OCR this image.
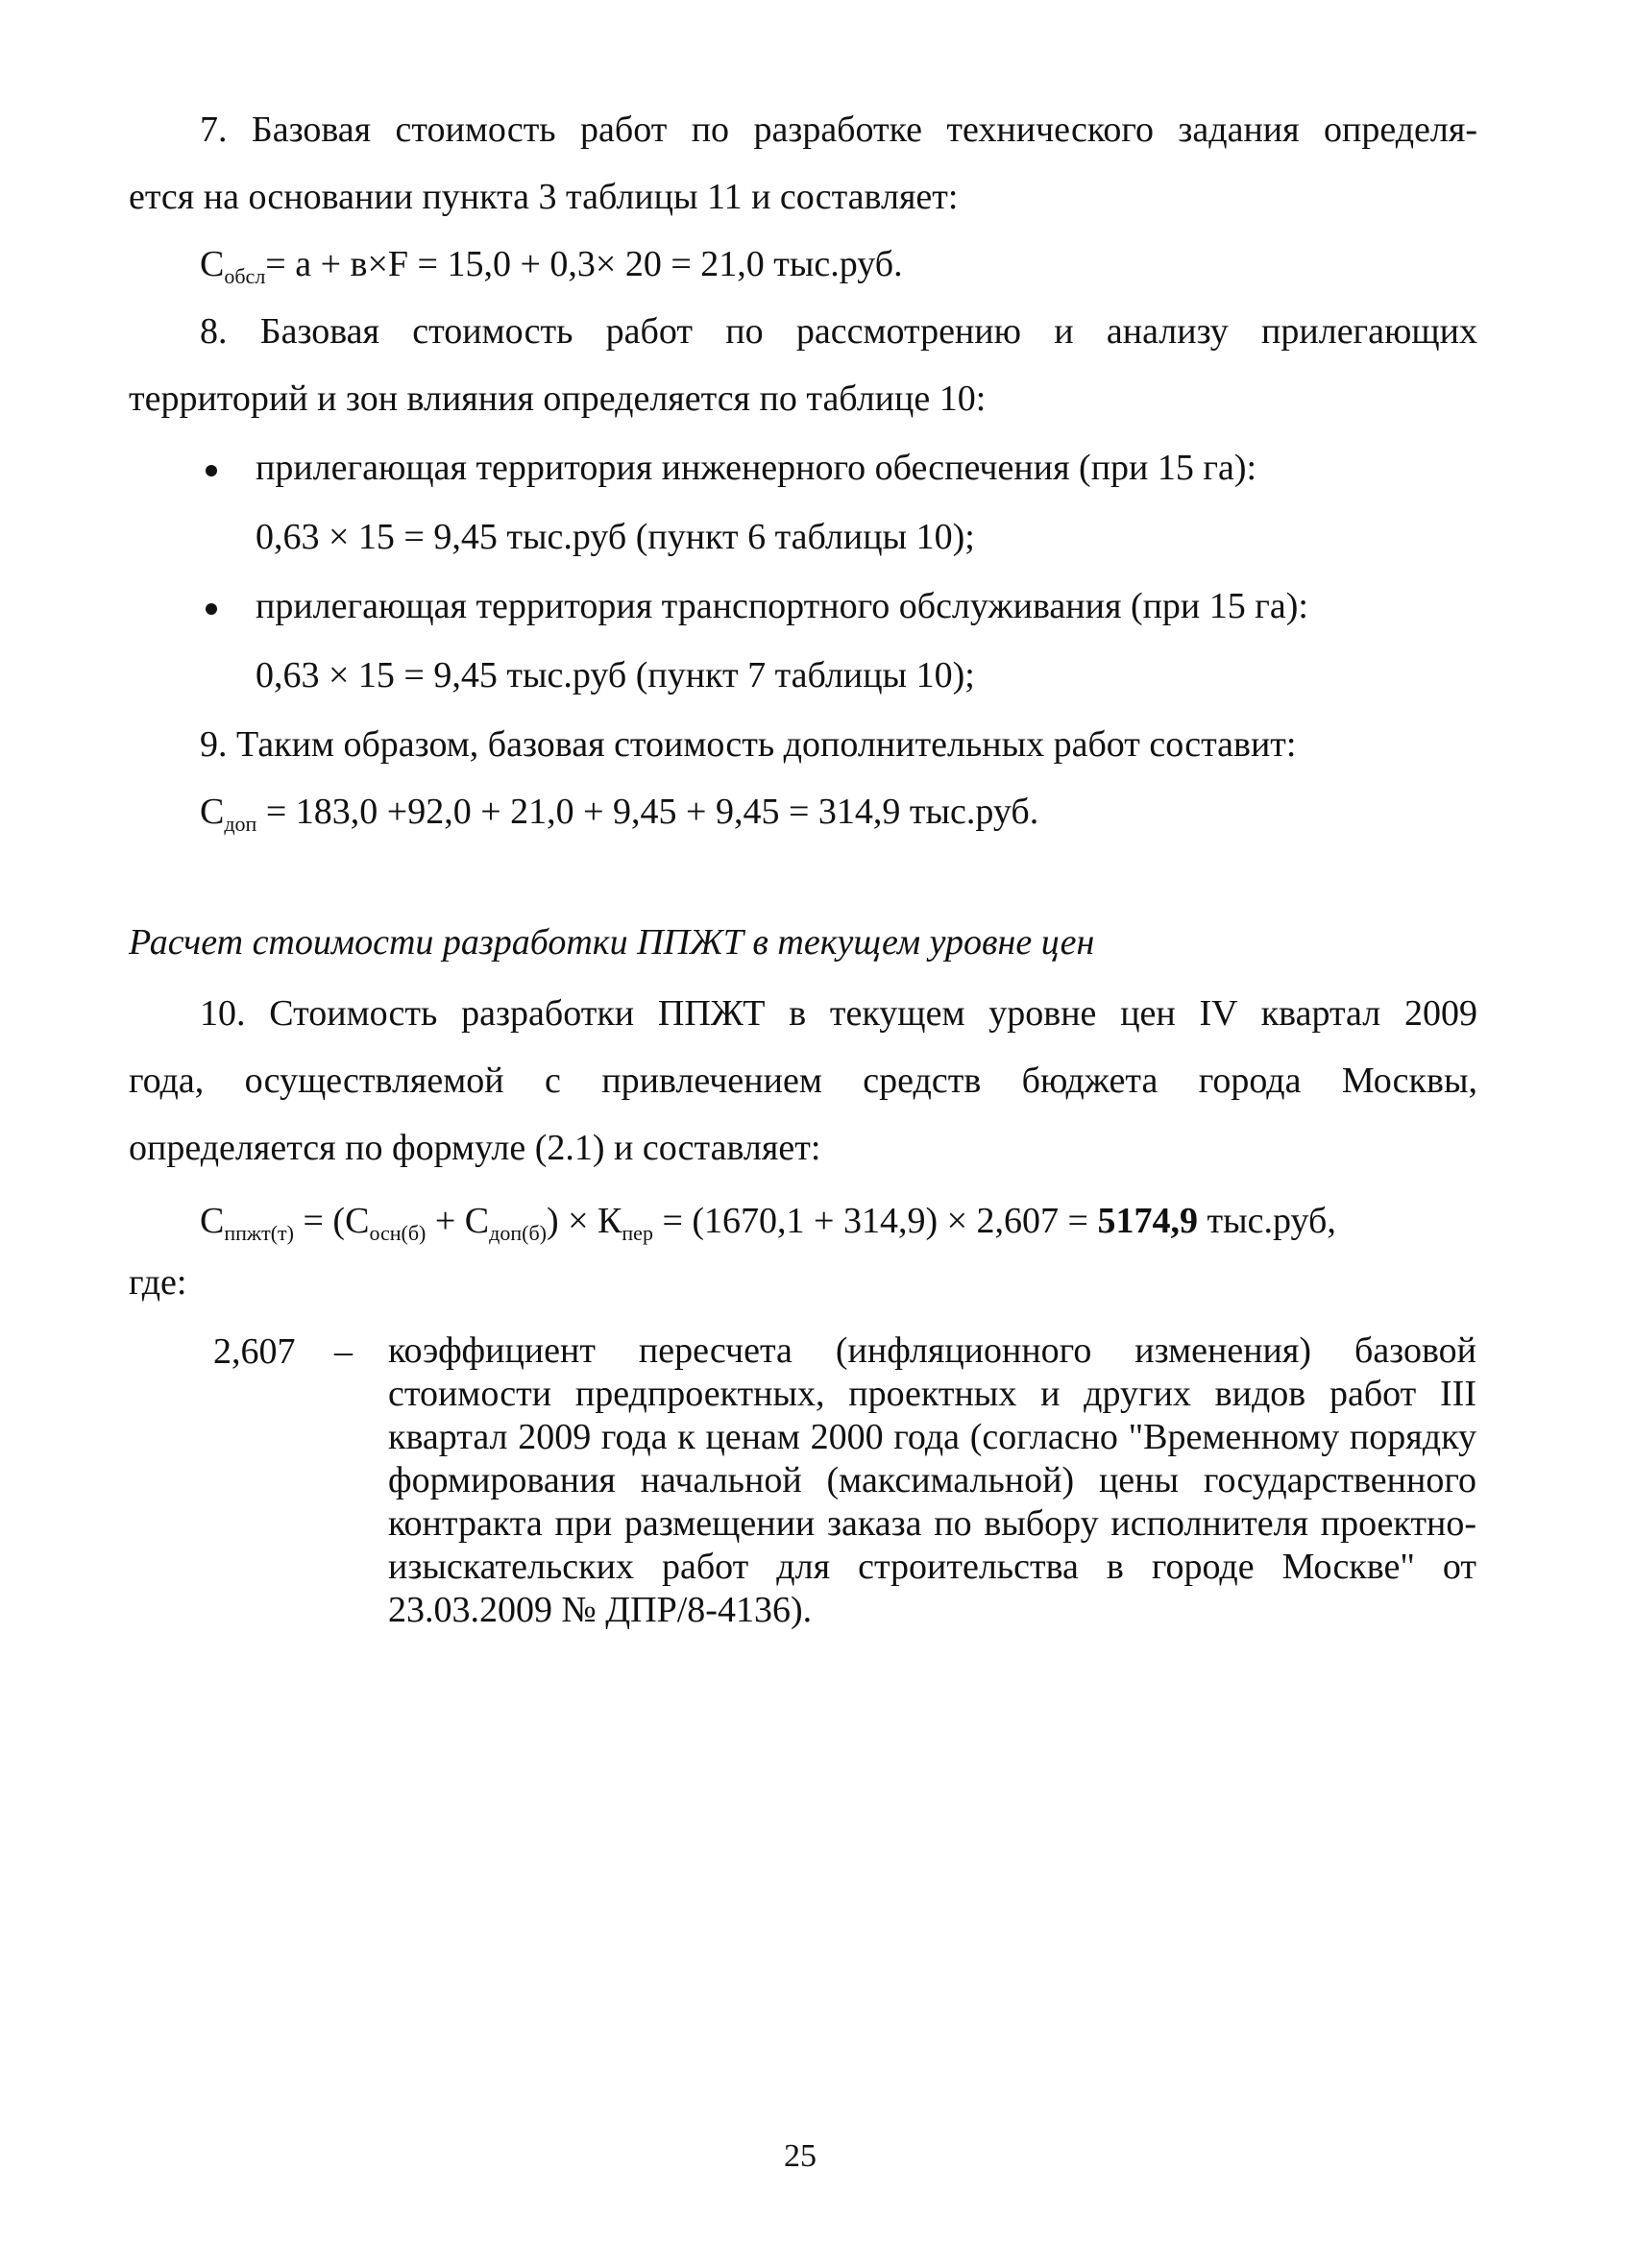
7. Базовая стоимость работ по разработке технического задания определя-
ется на основании пункта 3 таблицы 11 и составляет:
$С_{обсл}= а + в\times F = 15,0 + 0,3\times 20 = 21,0$ тыс.руб.
8. Базовая стоимость работ по рассмотрению и анализу прилегающих
территорий и зон влияния определяется по таблице 10:
прилегающая территория инженерного обеспечения (при 15 га):
0,63 × 15 = 9,45 тыс.руб (пункт 6 таблицы 10);
прилегающая территория транспортного обслуживания (при 15 га):
0,63 × 15 = 9,45 тыс.руб (пункт 7 таблицы 10);
9. Таким образом, базовая стоимость дополнительных работ составит:
$С_{доп} = 183,0 +92,0 + 21,0 + 9,45 + 9,45 = 314,9$ тыс.руб.
Расчет стоимости разработки ППЖТ в текущем уровне цен
10. Стоимость разработки ППЖТ в текущем уровне цен IV квартал 2009
года, осуществляемой с привлечением средств бюджета города Москвы,
определяется по формуле (2.1) и составляет:
$С_{ппжт(т)} = (С_{осн(б)} + С_{доп(б)}) \times К_{пер} = (1670,1 + 314,9) \times 2,607 = 5174,9$ тыс.руб,
где:
2,607 – коэффициент пересчета (инфляционного изменения) базовой стоимости предпроектных, проектных и других видов работ III квартал 2009 года к ценам 2000 года (согласно "Временному порядку формирования начальной (максимальной) цены государственного контракта при размещении заказа по выбору исполнителя проектно-изыскательских работ для строительства в городе Москве" от 23.03.2009 № ДПР/8-4136).
25
